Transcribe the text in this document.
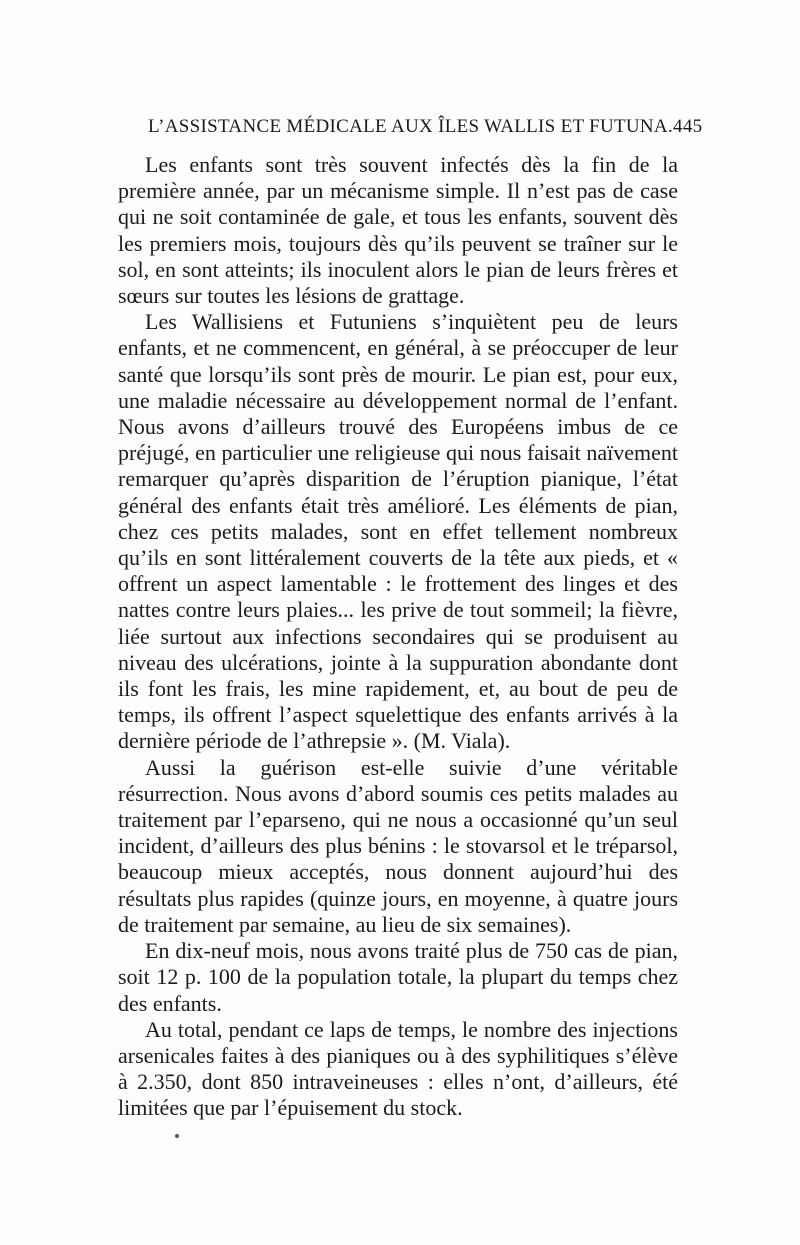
L’ASSISTANCE MÉDICALE AUX ÎLES WALLIS ET FUTUNA. 445

Les enfants sont très souvent infectés dès la fin de la première année, par un mécanisme simple. Il n’est pas de case qui ne soit contaminée de gale, et tous les enfants, souvent dès les premiers mois, toujours dès qu’ils peuvent se traîner sur le sol, en sont atteints; ils inoculent alors le pian de leurs frères et sœurs sur toutes les lésions de grattage.

Les Wallisiens et Futuniens s’inquiètent peu de leurs enfants, et ne commencent, en général, à se préoccuper de leur santé que lorsqu’ils sont près de mourir. Le pian est, pour eux, une maladie nécessaire au développement normal de l’enfant. Nous avons d’ailleurs trouvé des Européens imbus de ce préjugé, en particulier une religieuse qui nous faisait naïvement remarquer qu’après disparition de l’éruption pianique, l’état général des enfants était très amélioré. Les éléments de pian, chez ces petits malades, sont en effet tellement nombreux qu’ils en sont littéralement couverts de la tête aux pieds, et « offrent un aspect lamentable : le frottement des linges et des nattes contre leurs plaies... les prive de tout sommeil; la fièvre, liée surtout aux infections secondaires qui se produisent au niveau des ulcérations, jointe à la suppuration abondante dont ils font les frais, les mine rapidement, et, au bout de peu de temps, ils offrent l’aspect squelettique des enfants arrivés à la dernière période de l’athrepsie ». (M. Viala).

Aussi la guérison est-elle suivie d’une véritable résurrection. Nous avons d’abord soumis ces petits malades au traitement par l’eparseno, qui ne nous a occasionné qu’un seul incident, d’ailleurs des plus bénins : le stovarsol et le tréparsol, beaucoup mieux acceptés, nous donnent aujourd’hui des résultats plus rapides (quinze jours, en moyenne, à quatre jours de traitement par semaine, au lieu de six semaines).

En dix-neuf mois, nous avons traité plus de 750 cas de pian, soit 12 p. 100 de la population totale, la plupart du temps chez des enfants.

Au total, pendant ce laps de temps, le nombre des injections arsenicales faites à des pianiques ou à des syphilitiques s’élève à 2.350, dont 850 intraveineuses : elles n’ont, d’ailleurs, été limitées que par l’épuisement du stock.
